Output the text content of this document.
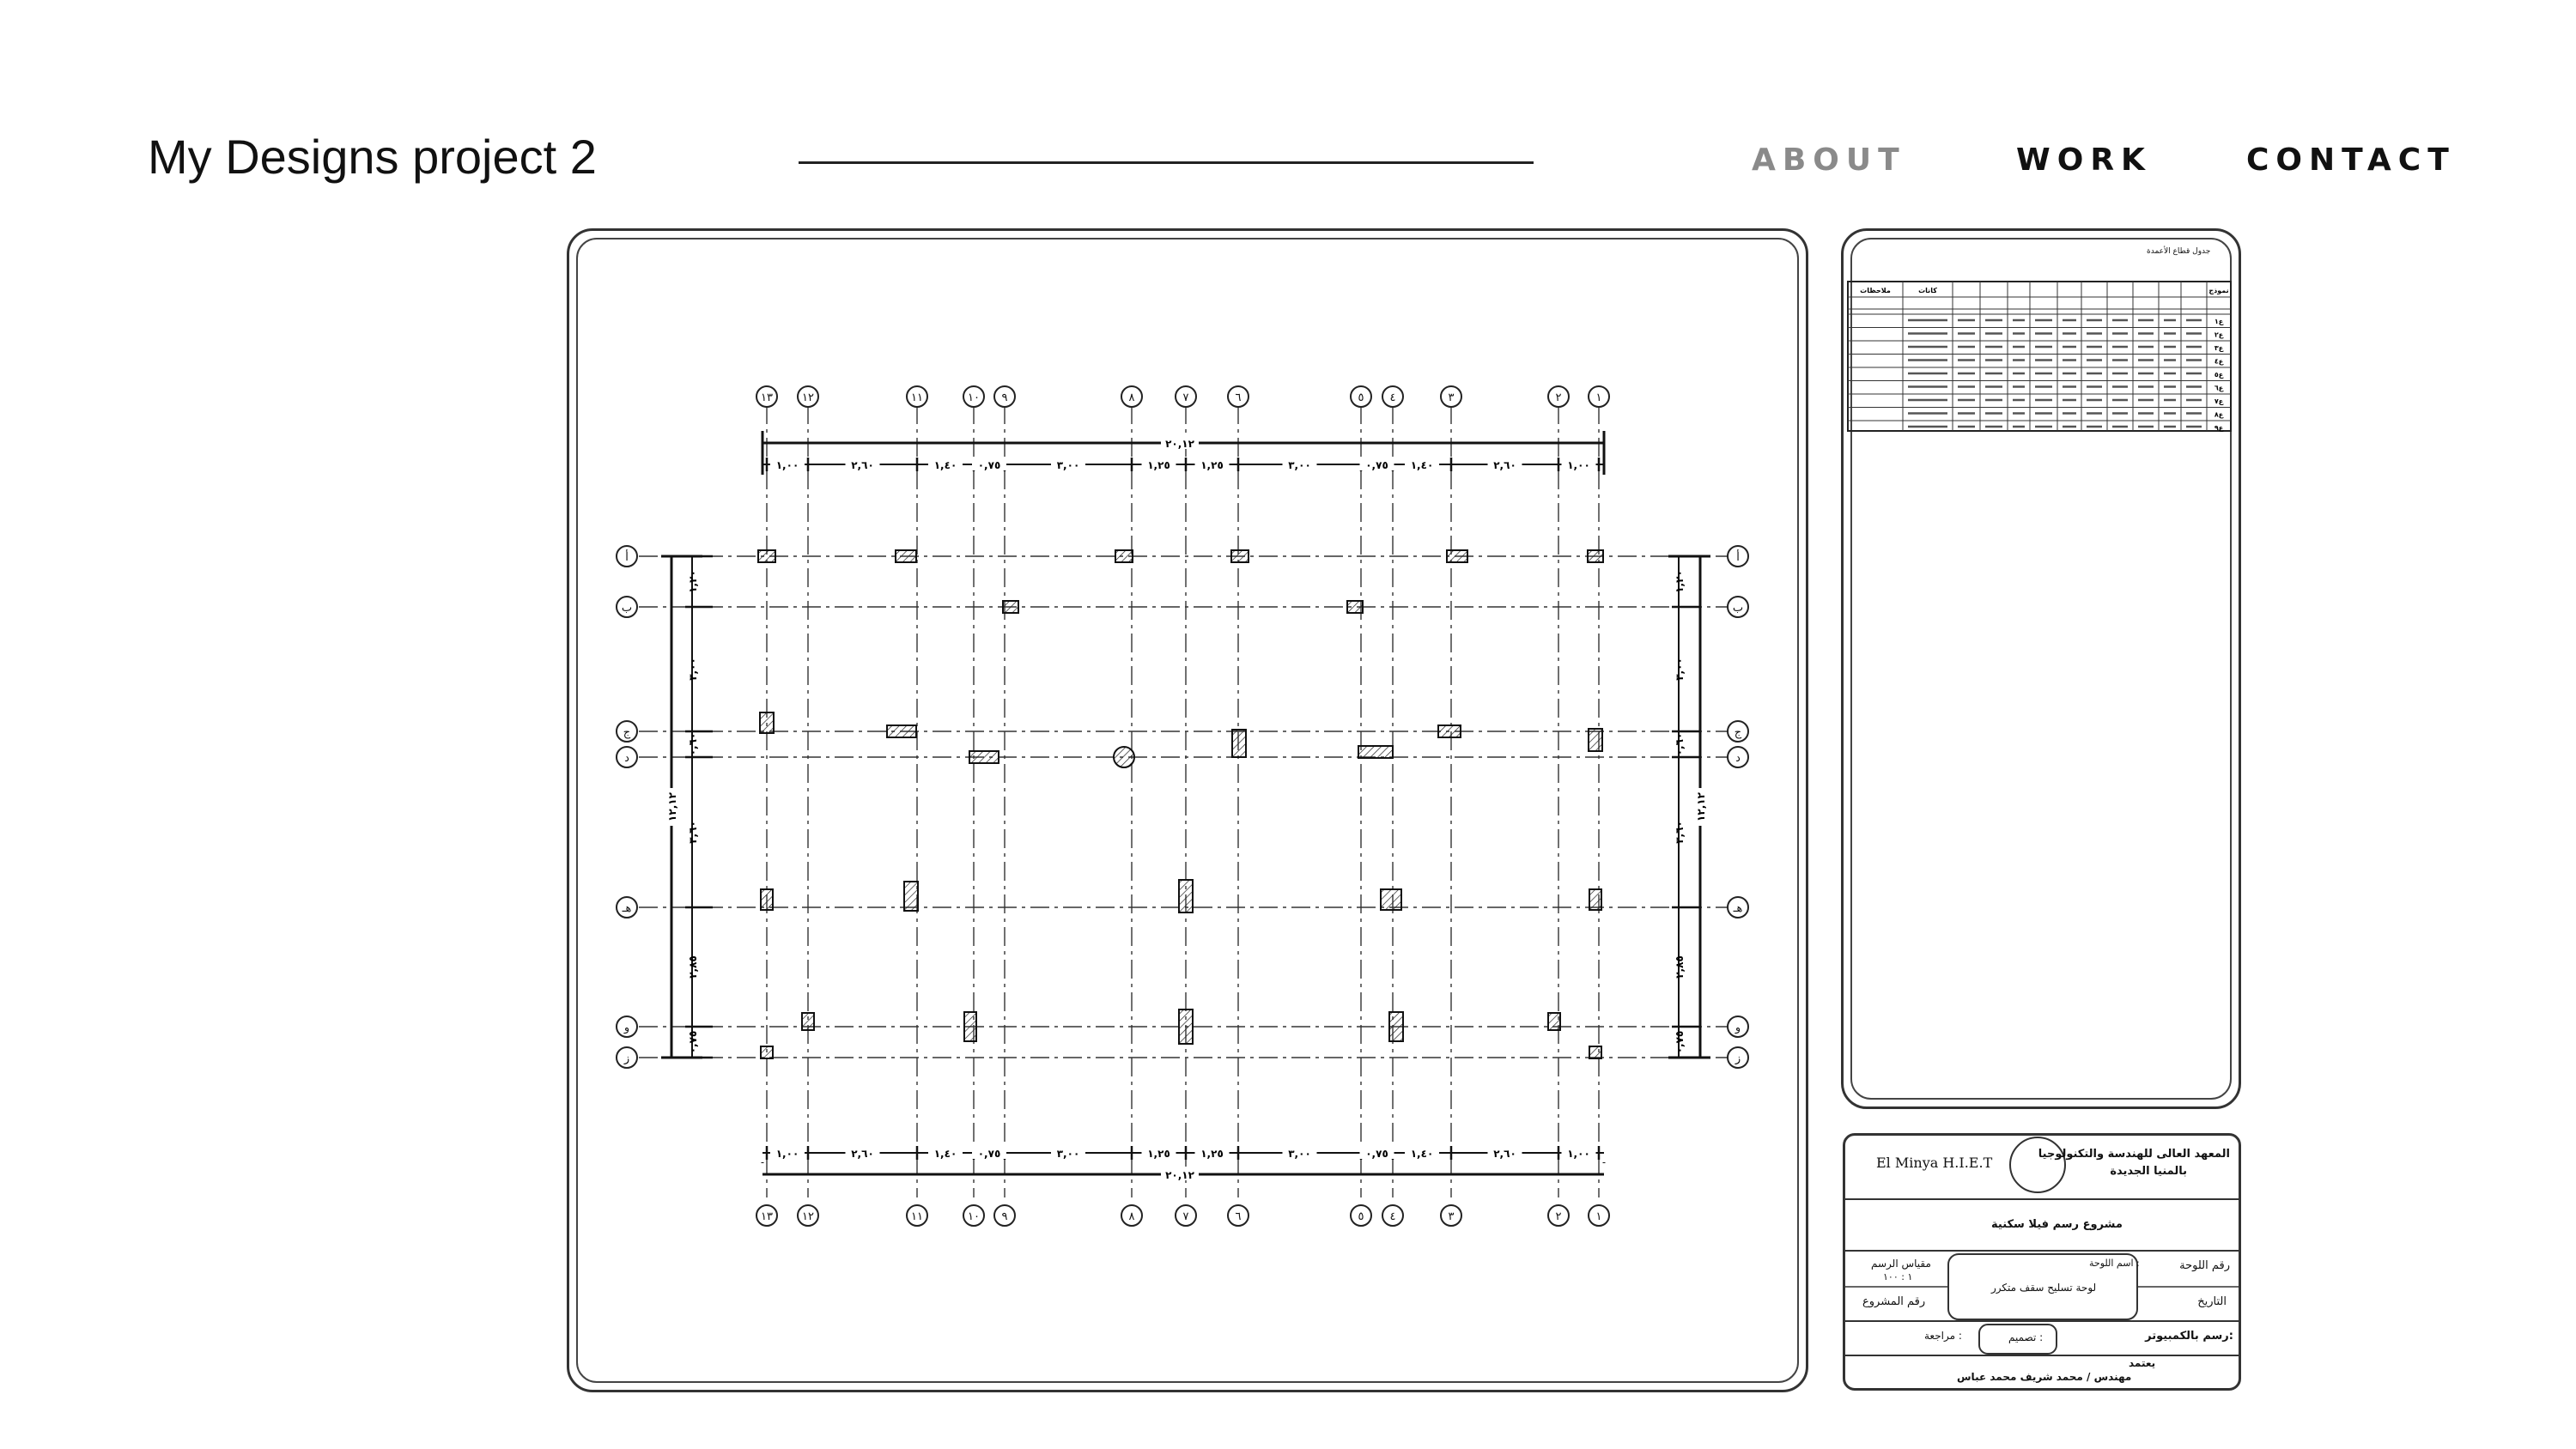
My Designs project 2	ABOUT	WORK	CONTACT
١٣
١٣
١٢
١٢
١١
١١
١٠
١٠
٩
٩
٨
٨
٧
٧
٦
٦
٥
٥
٤
٤
٣
٣
٢
٢
١
١
أ	أ
ب	ب
ج	ج
د	د
هـ	هـ
و	و
ز	ز
١,٠٠	٢,٦٠	١,٤٠ ٠,٧٥	٣,٠٠	١,٢٥	١,٢٥	٣,٠٠	٠,٧٥ ١,٤٠	٢,٦٠	١,٠٠
٢٠,١٢
١,٠٠	٢,٦٠	١,٤٠ ٠,٧٥	٣,٠٠	١,٢٥	١,٢٥	٣,٠٠	٠,٧٥ ١,٤٠	٢,٦٠	١,٠٠
٢٠,١٢
١,٢٠
٣,٠٠
٠,٦٠
٣,٦٠
٢,٨٥
٠,٧٥
١٢,١٢
١,٢٠
٣,٠٠
٠,٦٠
٣,٦٠
٢,٨٥
٠,٧٥
١٢,١٢
ملاحظات	كانات	نموذج
ع١
ع٢
ع٣
ع٤
ع٥
ع٦
ع٧
ع٨
ع٩
جدول قطاع الأعمدة
El Minya H.I.E.T
المعهد العالى للهندسة والتكنولوجيا
بالمنيا الجديدة
مشروع رسم فيلا سكنية
رقم اللوحة
اسم اللوحة :
لوحة تسليح سقف متكرر
مقياس الرسم
١ : ١٠٠
التاريخ
رقم المشروع
رسم بالكمبيوتر:
تصميم :
مراجعة :
يعتمد
مهندس / محمد شريف محمد عباس
